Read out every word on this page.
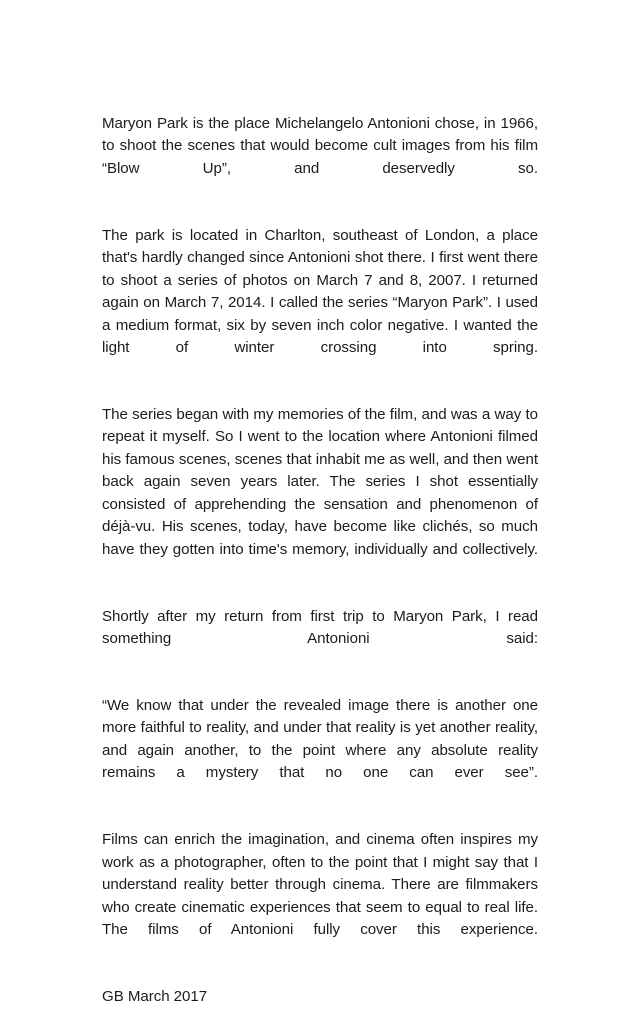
Maryon Park is the place Michelangelo Antonioni chose, in 1966, to shoot the scenes that would become cult images from his film “Blow Up”, and deservedly so.

The park is located in Charlton, southeast of London, a place that's hardly changed since Antonioni shot there. I first went there to shoot a series of photos on March 7 and 8, 2007. I returned again on March 7, 2014. I called the series “Maryon Park”. I used a medium format, six by seven inch color negative. I wanted the light of winter crossing into spring.

The series began with my memories of the film, and was a way to repeat it myself. So I went to the location where Antonioni filmed his famous scenes, scenes that inhabit me as well, and then went back again seven years later. The series I shot essentially consisted of apprehending the sensation and phenomenon of déjà-vu. His scenes, today, have become like clichés, so much have they gotten into time's memory, individually and collectively.

Shortly after my return from first trip to Maryon Park, I read something Antonioni said:

“We know that under the revealed image there is another one more faithful to reality, and under that reality is yet another reality, and again another, to the point where any absolute reality remains a mystery that no one can ever see”.

Films can enrich the imagination, and cinema often inspires my work as a photographer, often to the point that I might say that I understand reality better through cinema. There are filmmakers who create cinematic experiences that seem to equal to real life. The films of Antonioni fully cover this experience.

GB March 2017
